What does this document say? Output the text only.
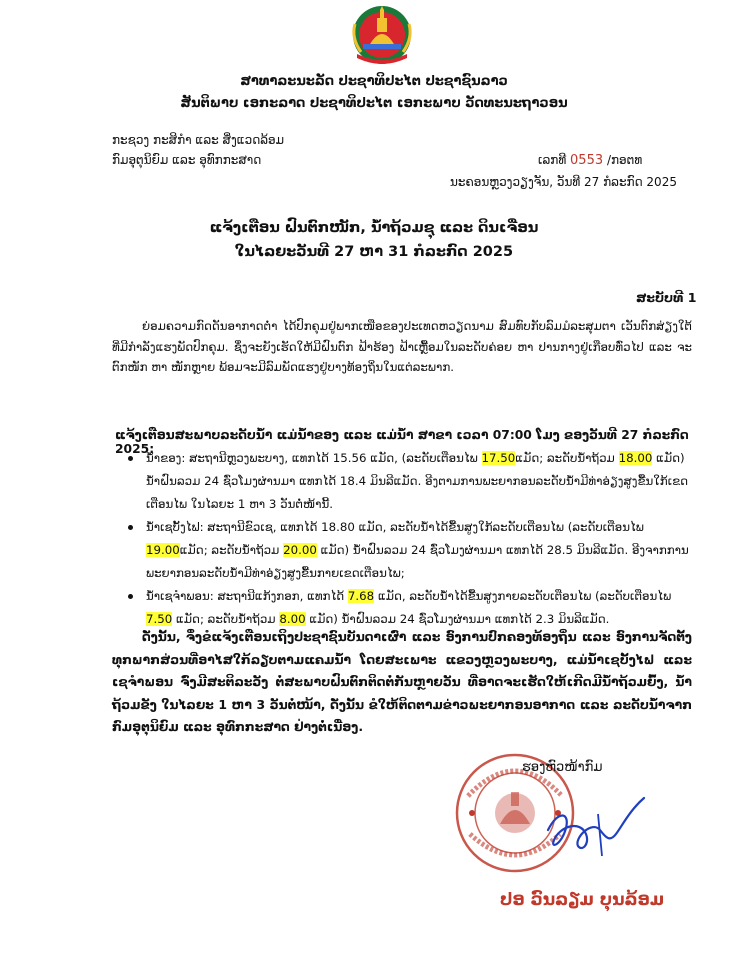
ສາທາລະນະລັດ ປະຊາທິປະໄຕ ປະຊາຊົນລາວ
ສັນຕິພາບ ເອກະລາດ ປະຊາທິປະໄຕ ເອກະພາບ ວັດທະນະຖາວອນ
ກະຊວງ ກະສິກຳ ແລະ ສິ່ງແວດລ້ອມ
ກົມອຸຕຸນິຍົມ ແລະ ອຸທົກກະສາດ	ເລກທີ 0553 /ກອຕທ
ນະຄອນຫຼວງວຽງຈັນ, ວັນທີ 27 ກໍລະກົດ 2025
ແຈ້ງເຕືອນ ຝົນຕົກໜັກ, ນ້ຳຖ້ວມຊຸ ແລະ ດິນເຈື່ອນ
ໃນໄລຍະວັນທີ 27 ຫາ 31 ກໍລະກົດ 2025
ສະບັບທີ 1
ຍ່ອມຄວາມກົດດັນອາກາດຕ່ຳ ໄດ້ປົກຄຸມຢູ່ພາກເໜືອຂອງປະເທດຫວຽດນາມ ສົມທົບກັບລົມມໍລະສຸມຕາ ເວັນຕົກສ່ຽງໃຕ້ທີ່ມີກຳລັງແຮງພັດປົກຄຸມ. ຊຶ່ງຈະຍັງເຮັດໃຫ້ມີຝົນຕົກ ຟ້າຮ້ອງ ຟ້າເຫຼື້ອມໃນລະດັບຄ່ອຍ ຫາ ປານກາງຢູ່ເກືອບທົ່ວໄປ ແລະ ຈະຕົກໜັກ ຫາ ໜັກຫຼາຍ ພ້ອມຈະມີລົມພັດແຮງຢູ່ບາງທ້ອງຖິ່ນໃນແຕ່ລະພາກ.
ແຈ້ງເຕືອນສະພາບລະດັບນ້ຳ ແມ່ນ້ຳຂອງ ແລະ ແມ່ນ້ຳ ສາຂາ ເວລາ 07:00 ໂມງ ຂອງວັນທີ 27 ກໍລະກົດ 2025:
ນ້ຳຂອງ: ສະຖານີຫຼວງພະບາງ, ແທກໄດ້ 15.56 ແມັດ, (ລະດັບເຕືອນໄພ 17.50ແມັດ; ລະດັບນ້ຳຖ້ວມ 18.00 ແມັດ) ນ້ຳຝົນລວມ 24 ຊົ່ວໂມງຜ່ານມາ ແທກໄດ້ 18.4 ມິນລີແມັດ. ອີງຕາມການພະຍາກອນລະດັບນ້ຳມີທ່າອ່ຽງສູງຂື້ນໃກ້ເຂດເຕືອນໄພ ໃນໄລຍະ 1 ຫາ 3 ວັນຕໍ່ໜ້ານີ້.
ນ້ຳເຊບັ້ງໄຟ: ສະຖານີຂົວເຊ, ແທກໄດ້ 18.80 ແມັດ, ລະດັບນ້ຳໄດ້ຂື້ນສູງໃກ້ລະດັບເຕືອນໄພ (ລະດັບເຕືອນໄພ 19.00ແມັດ; ລະດັບນ້ຳຖ້ວມ 20.00 ແມັດ) ນ້ຳຝົນລວມ 24 ຊົ່ວໂມງຜ່ານມາ ແທກໄດ້ 28.5 ມິນລີແມັດ. ອີງຈາກການພະຍາກອນລະດັບນ້ຳມີທ່າອ່ຽງສູງຂື້ນກາຍເຂດເຕືອນໄພ;
ນ້ຳເຊຈຳພອນ: ສະຖານີແກ້ງກອກ, ແທກໄດ້ 7.68 ແມັດ, ລະດັບນ້ຳໄດ້ຂື້ນສູງກາຍລະດັບເຕືອນໄພ (ລະດັບເຕືອນໄພ 7.50 ແມັດ; ລະດັບນ້ຳຖ້ວມ 8.00 ແມັດ) ນ້ຳຝົນລວມ 24 ຊົ່ວໂມງຜ່ານມາ ແທກໄດ້ 2.3 ມິນລີແມັດ.
ດັ່ງນັ້ນ, ຈຶ່ງຂໍແຈ້ງເຕືອນເຖິງປະຊາຊົນບັນດາເຜົ່າ ແລະ ອົງການປົກຄອງທ້ອງຖິ່ນ ແລະ ອົງການຈັດຕັ້ງທຸກພາກສ່ວນທີ່ອາໄສໃກ້ລຽບຕາມແຄມນ້ຳ ໂດຍສະເພາະ ແຂວງຫຼວງພະບາງ, ແມ່ນ້ຳເຊບັ້ງໄຟ ແລະ ເຊຈຳພອນ ຈົ່ງມີສະຕິລະວັງ ຕໍ່ສະພາບຝົນຕົກຕິດຕໍ່ກັນຫຼາຍວັນ ທີ່ອາດຈະເຮັດໃຫ້ເກີດມີນ້ຳຖ້ວມຍົ້ງ, ນ້ຳຖ້ວມຂັງ ໃນໄລຍະ 1 ຫາ 3 ວັນຕໍ່ໜ້າ, ດັ່ງນັ້ນ ຂໍໃຫ້ຕິດຕາມຂ່າວພະຍາກອນອາກາດ ແລະ ລະດັບນ້ຳຈາກ ກົມອຸຕຸນິຍົມ ແລະ ອຸທົກກະສາດ ຢ່າງຕໍ່ເນື່ອງ.
ຮອງຫົວໜ້າກົມ
ປອ ວົນລຽມ ບຸນລ້ອມ
